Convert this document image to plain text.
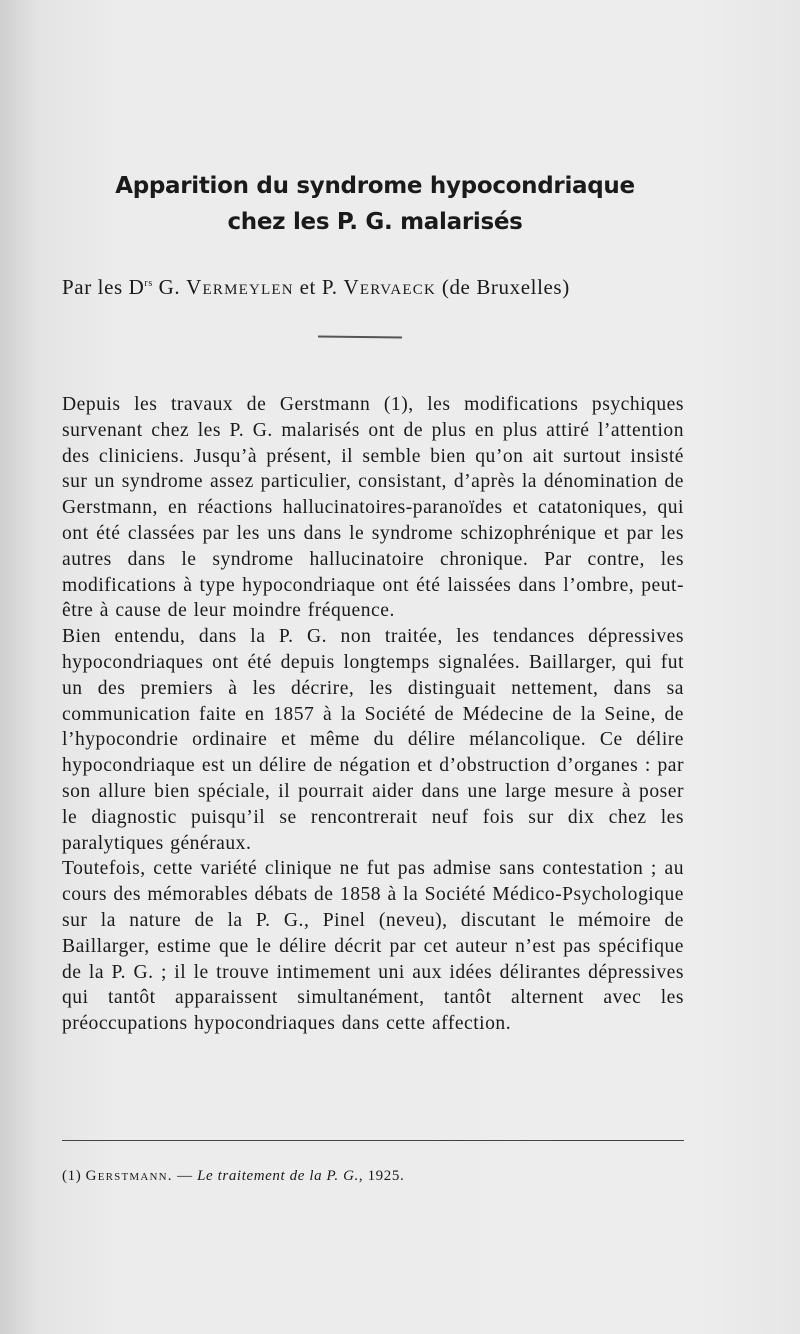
Apparition du syndrome hypocondriaque
chez les P. G. malarisés
Par les $D^{rs}$ G. Vermeylen et P. Vervaeck (de Bruxelles)

Depuis les travaux de Gerstmann (1), les modifications psychiques survenant chez les P. G. malarisés ont de plus en plus attiré l’attention des cliniciens. Jusqu’à présent, il semble bien qu’on ait surtout insisté sur un syndrome assez particulier, consistant, d’après la dénomination de Gerstmann, en réactions hallucinatoires-paranoïdes et catatoniques, qui ont été classées par les uns dans le syndrome schizophrénique et par les autres dans le syndrome hallucinatoire chronique. Par contre, les modifications à type hypocondriaque ont été laissées dans l’ombre, peut-être à cause de leur moindre fréquence.

Bien entendu, dans la P. G. non traitée, les tendances dépressives hypocondriaques ont été depuis longtemps signalées. Baillarger, qui fut un des premiers à les décrire, les distinguait nettement, dans sa communication faite en 1857 à la Société de Médecine de la Seine, de l’hypocondrie ordinaire et même du délire mélancolique. Ce délire hypocondriaque est un délire de négation et d’obstruction d’organes : par son allure bien spéciale, il pourrait aider dans une large mesure à poser le diagnostic puisqu’il se rencontrerait neuf fois sur dix chez les paralytiques généraux.

Toutefois, cette variété clinique ne fut pas admise sans contestation ; au cours des mémorables débats de 1858 à la Société Médico-Psychologique sur la nature de la P. G., Pinel (neveu), discutant le mémoire de Baillarger, estime que le délire décrit par cet auteur n’est pas spécifique de la P. G. ; il le trouve intimement uni aux idées délirantes dépressives qui tantôt apparaissent simultanément, tantôt alternent avec les préoccupations hypocondriaques dans cette affection.

(1) Gerstmann. — Le traitement de la P. G., 1925.
